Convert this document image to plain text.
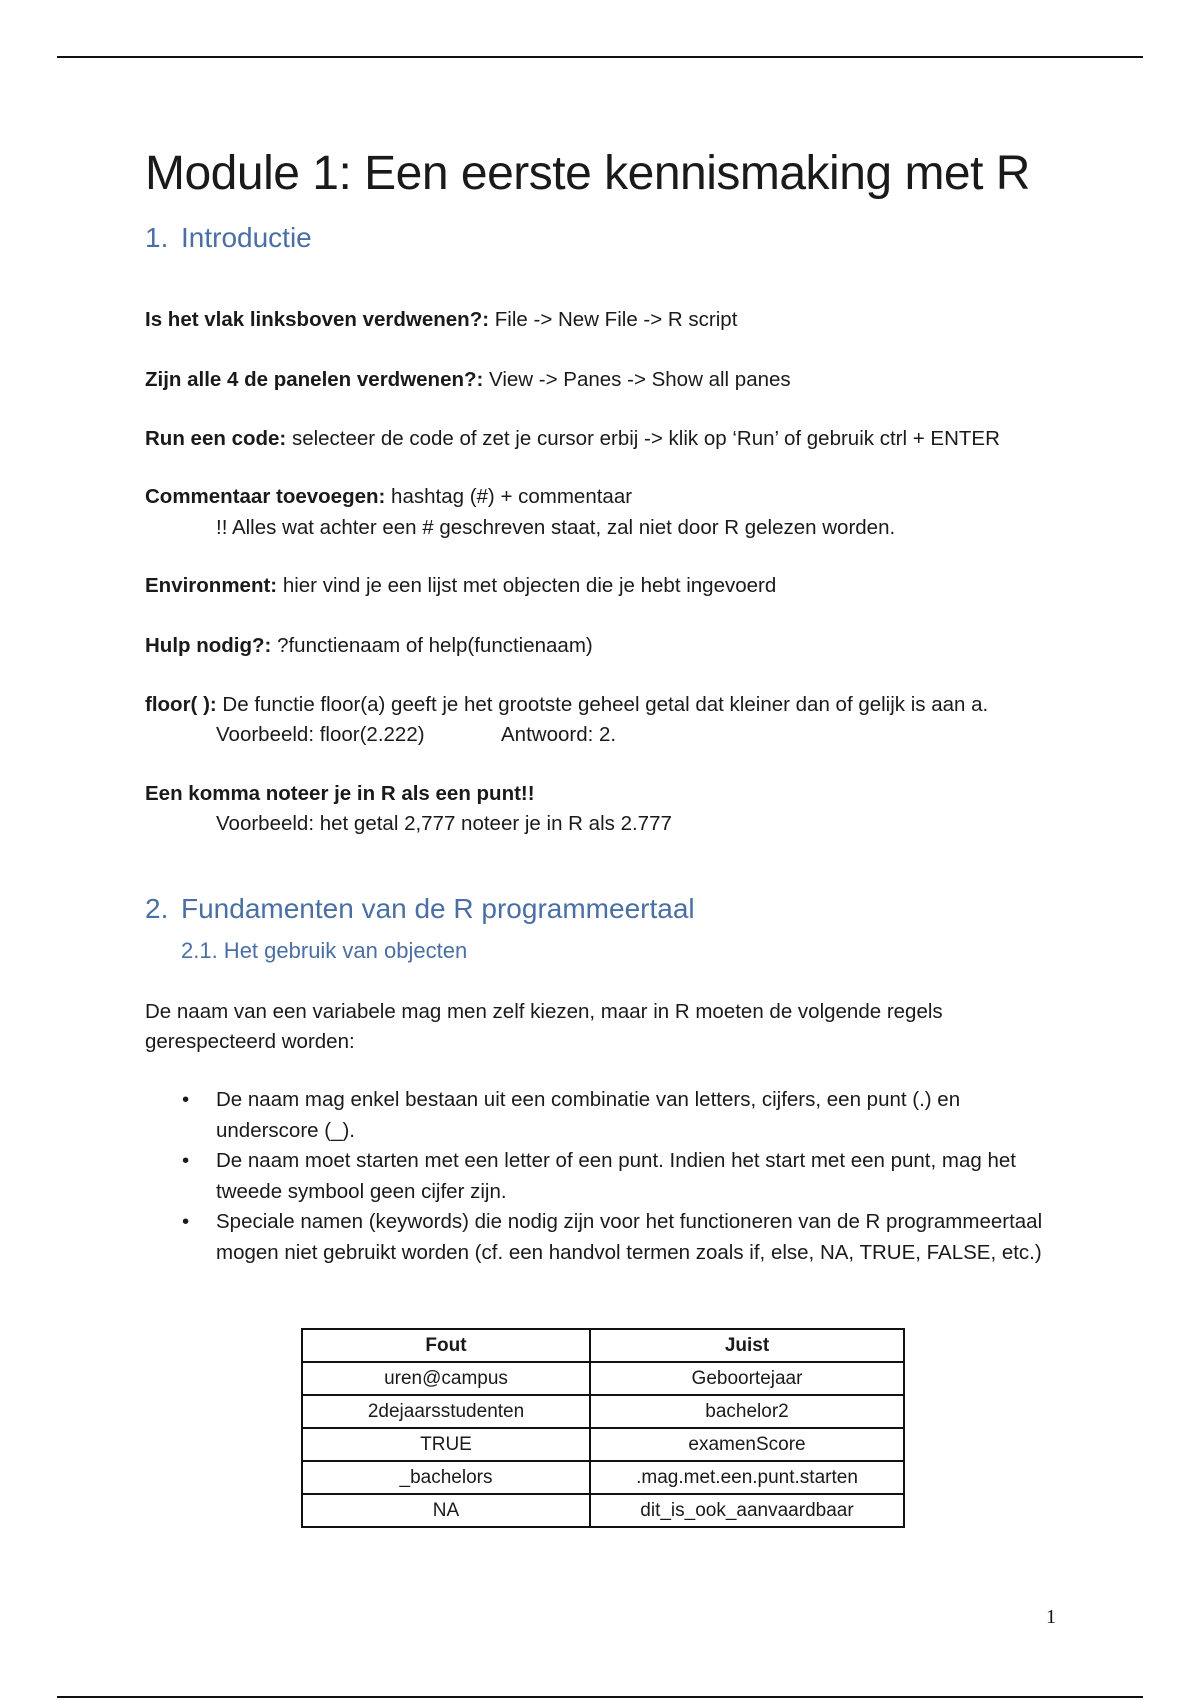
Module 1: Een eerste kennismaking met R
1. Introductie

Is het vlak linksboven verdwenen?: File -> New File -> R script

Zijn alle 4 de panelen verdwenen?: View -> Panes -> Show all panes

Run een code: selecteer de code of zet je cursor erbij -> klik op ‘Run’ of gebruik ctrl + ENTER

Commentaar toevoegen: hashtag (#) + commentaar

!! Alles wat achter een # geschreven staat, zal niet door R gelezen worden.

Environment: hier vind je een lijst met objecten die je hebt ingevoerd

Hulp nodig?: ?functienaam of help(functienaam)

floor( ): De functie floor(a) geeft je het grootste geheel getal dat kleiner dan of gelijk is aan a.

Voorbeeld: floor(2.222)	Antwoord: 2.

Een komma noteer je in R als een punt!!

Voorbeeld: het getal 2,777 noteer je in R als 2.777

2. Fundamenten van de R programmeertaal
2.1. Het gebruik van objecten

De naam van een variabele mag men zelf kiezen, maar in R moeten de volgende regels gerespecteerd worden:

• De naam mag enkel bestaan uit een combinatie van letters, cijfers, een punt (.) en underscore (_).
• De naam moet starten met een letter of een punt. Indien het start met een punt, mag het tweede symbool geen cijfer zijn.
• Speciale namen (keywords) die nodig zijn voor het functioneren van de R programmeertaal mogen niet gebruikt worden (cf. een handvol termen zoals if, else, NA, TRUE, FALSE, etc.)
Fout	Juist
uren@campus	Geboortejaar
2dejaarsstudenten	bachelor2
TRUE	examenScore
_bachelors	.mag.met.een.punt.starten
NA	dit_is_ook_aanvaardbaar
1
